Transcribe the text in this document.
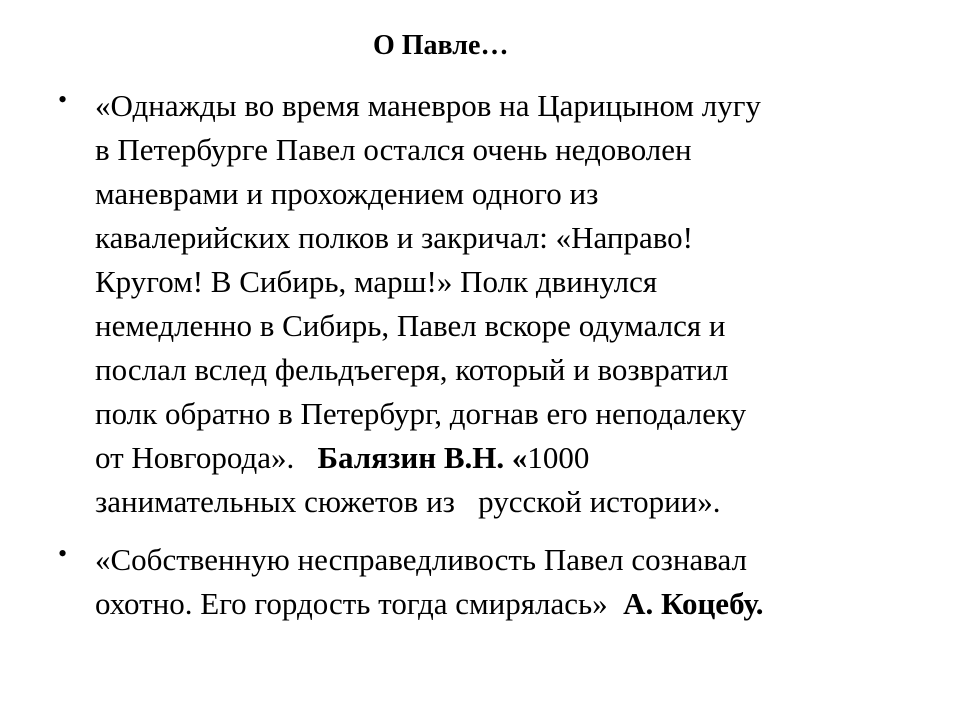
О Павле…
• «Однажды во время маневров на Царицыном лугу
в Петербурге Павел остался очень недоволен
маневрами и прохождением одного из
кавалерийских полков и закричал: «Направо!
Кругом! В Сибирь, марш!» Полк двинулся
немедленно в Сибирь, Павел вскоре одумался и
послал вслед фельдъегеря, который и возвратил
полк обратно в Петербург, догнав его неподалеку
от Новгорода».   Балязин В.Н. «1000
занимательных сюжетов из   русской истории».
• «Собственную несправедливость Павел сознавал
охотно. Его гордость тогда смирялась»  А. Коцебу.
